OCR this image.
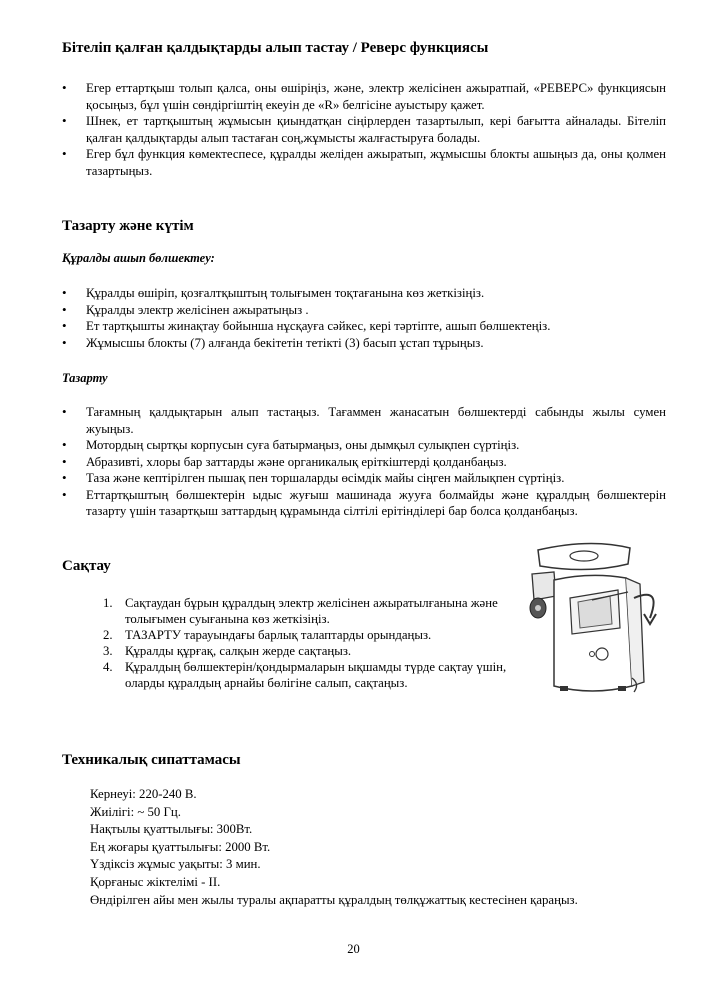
Бітеліп қалған қалдықтарды алып тастау / Реверс функциясы
• Егер еттартқыш толып қалса, оны өшіріңіз, және, электр желісінен ажыратпай, «РЕВЕРС» функциясын қосыңыз, бұл үшін сөндіргіштің екеуін де «R» белгісіне ауыстыру қажет.
• Шнек, ет тартқыштың жұмысын қиындатқан сіңірлерден тазартылып, кері бағытта айналады. Бітеліп қалған қалдықтарды алып тастаған соң,жұмысты жалғастыруға болады.
• Егер бұл функция көмектеспесе, құралды желіден ажыратып, жұмысшы блокты ашыңыз да, оны қолмен тазартыңыз.
Тазарту және күтім
Құралды ашып бөлшектеу:
• Құралды өшіріп, қозғалтқыштың толығымен тоқтағанына көз жеткізіңіз.
• Құралды электр желісінен ажыратыңыз .
• Ет тартқышты жинақтау бойынша нұсқауға сәйкес, кері тәртіпте, ашып бөлшектеңіз.
• Жұмысшы блокты (7) алғанда бекітетін тетікті (3) басып ұстап тұрыңыз.
Тазарту
• Тағамның қалдықтарын алып тастаңыз. Тағаммен жанасатын бөлшектерді сабынды жылы сумен жуыңыз.
• Мотордың сыртқы корпусын суға батырмаңыз, оны дымқыл сулықпен сүртіңіз.
• Абразивті, хлоры бар заттарды және органикалық еріткіштерді қолданбаңыз.
• Таза және кептірілген пышақ пен торшаларды өсімдік майы сіңген майлықпен сүртіңіз.
• Еттартқыштың бөлшектерін ыдыс жуғыш машинада жууға болмайды және құралдың бөлшектерін тазарту үшін тазартқыш заттардың құрамында сілтілі ерітінділері бар болса қолданбаңыз.
Сақтау
1. Сақтаудан бұрын құралдың электр желісінен ажыратылғанына және толығымен суығанына көз жеткізіңіз.
2. ТАЗАРТУ тарауындағы барлық талаптарды орындаңыз.
3. Құралды құрғақ, салқын жерде сақтаңыз.
4. Құралдың бөлшектерін/қондырмаларын ықшамды түрде сақтау үшін, оларды құралдың арнайы бөлігіне салып, сақтаңыз.
Техникалық сипаттамасы
Кернеуі: 220-240 В.
Жиілігі: ~ 50 Гц.
Нақтылы қуаттылығы: 300Вт.
Ең жоғары қуаттылығы: 2000 Вт.
Үздіксіз жұмыс уақыты: 3 мин.
Қорғаныс жіктелімі - II.
Өндірілген айы мен жылы туралы ақпаратты құралдың төлқұжаттық кестесінен қараңыз.
20
